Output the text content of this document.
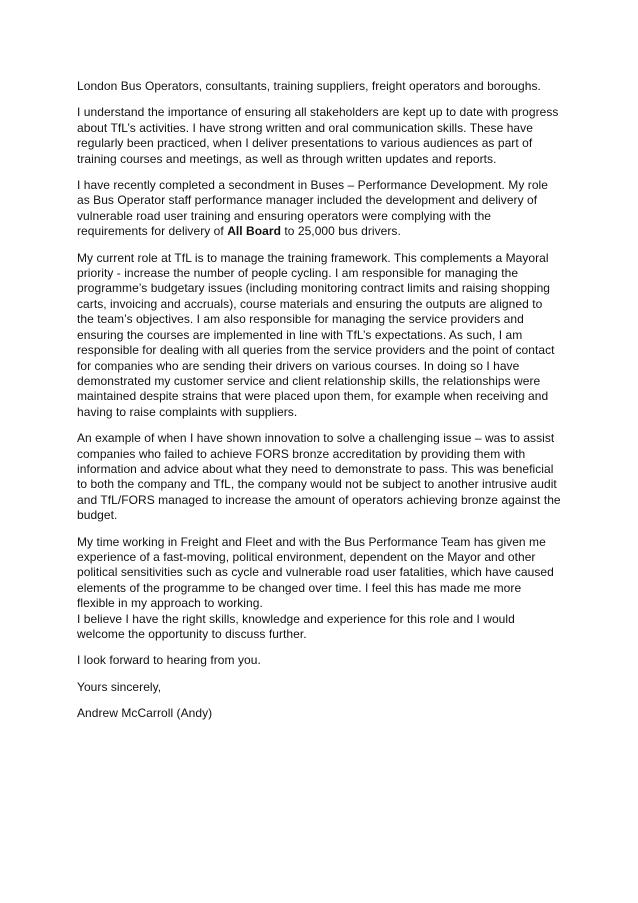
London Bus Operators, consultants, training suppliers, freight operators and boroughs.

I understand the importance of ensuring all stakeholders are kept up to date with progress about TfL’s activities. I have strong written and oral communication skills. These have regularly been practiced, when I deliver presentations to various audiences as part of training courses and meetings, as well as through written updates and reports.

I have recently completed a secondment in Buses – Performance Development. My role as Bus Operator staff performance manager included the development and delivery of vulnerable road user training and ensuring operators were complying with the requirements for delivery of All Board to 25,000 bus drivers.

My current role at TfL is to manage the training framework. This complements a Mayoral priority - increase the number of people cycling. I am responsible for managing the programme’s budgetary issues (including monitoring contract limits and raising shopping carts, invoicing and accruals), course materials and ensuring the outputs are aligned to the team’s objectives. I am also responsible for managing the service providers and ensuring the courses are implemented in line with TfL’s expectations. As such, I am responsible for dealing with all queries from the service providers and the point of contact for companies who are sending their drivers on various courses. In doing so I have demonstrated my customer service and client relationship skills, the relationships were maintained despite strains that were placed upon them, for example when receiving and having to raise complaints with suppliers.

An example of when I have shown innovation to solve a challenging issue – was to assist companies who failed to achieve FORS bronze accreditation by providing them with information and advice about what they need to demonstrate to pass. This was beneficial to both the company and TfL, the company would not be subject to another intrusive audit and TfL/FORS managed to increase the amount of operators achieving bronze against the budget.

My time working in Freight and Fleet and with the Bus Performance Team has given me experience of a fast-moving, political environment, dependent on the Mayor and other political sensitivities such as cycle and vulnerable road user fatalities, which have caused elements of the programme to be changed over time. I feel this has made me more flexible in my approach to working.

I believe I have the right skills, knowledge and experience for this role and I would welcome the opportunity to discuss further.

I look forward to hearing from you.

Yours sincerely,

Andrew McCarroll (Andy)
